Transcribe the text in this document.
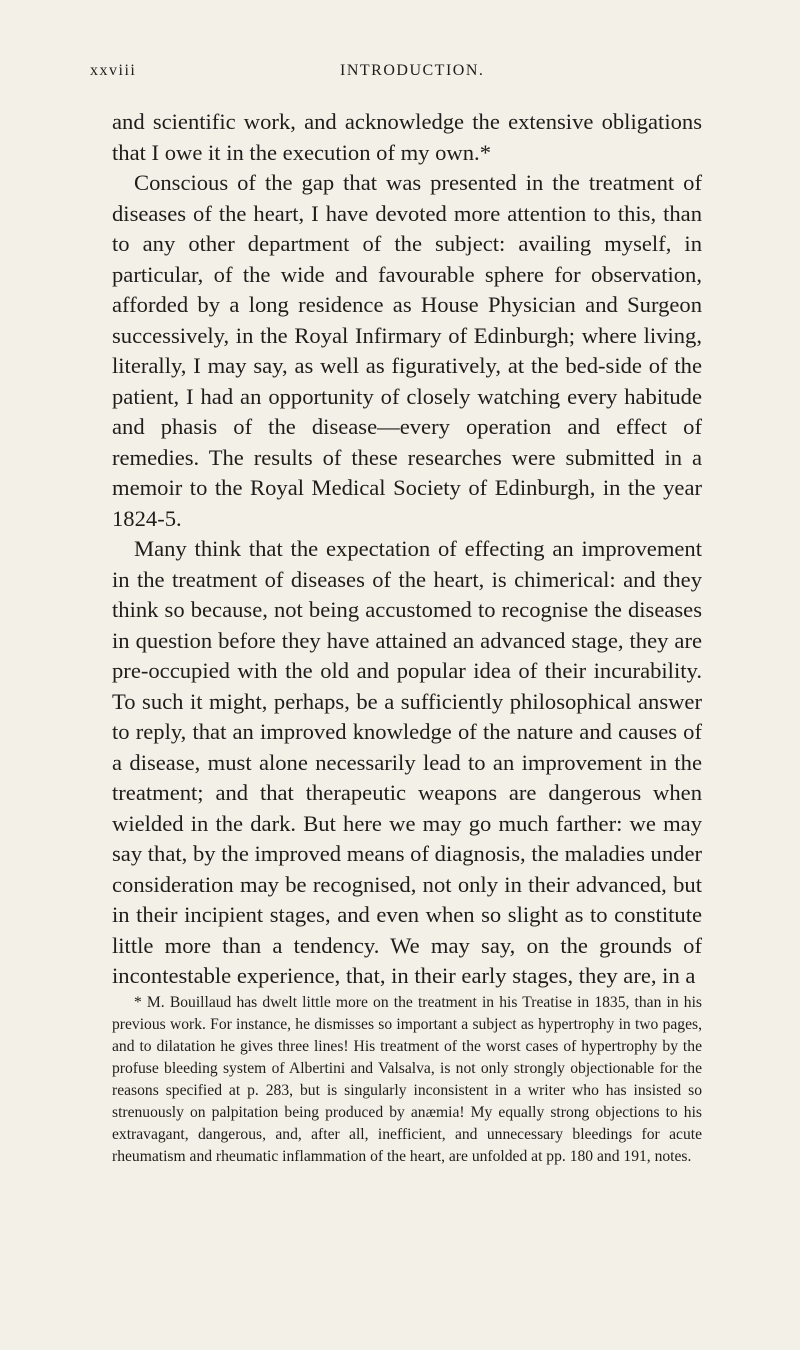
xxviii	INTRODUCTION.

and scientific work, and acknowledge the extensive obligations that I owe it in the execution of my own.*

Conscious of the gap that was presented in the treatment of diseases of the heart, I have devoted more attention to this, than to any other department of the subject: availing myself, in particular, of the wide and favourable sphere for observation, afforded by a long residence as House Physician and Surgeon successively, in the Royal Infirmary of Edinburgh; where living, literally, I may say, as well as figuratively, at the bed-side of the patient, I had an opportunity of closely watching every habitude and phasis of the disease—every operation and effect of remedies. The results of these researches were submitted in a memoir to the Royal Medical Society of Edinburgh, in the year 1824-5.

Many think that the expectation of effecting an improvement in the treatment of diseases of the heart, is chimerical: and they think so because, not being accustomed to recognise the diseases in question before they have attained an advanced stage, they are pre-occupied with the old and popular idea of their incurability. To such it might, perhaps, be a sufficiently philosophical answer to reply, that an improved knowledge of the nature and causes of a disease, must alone necessarily lead to an improvement in the treatment; and that therapeutic weapons are dangerous when wielded in the dark. But here we may go much farther: we may say that, by the improved means of diagnosis, the maladies under consideration may be recognised, not only in their advanced, but in their incipient stages, and even when so slight as to constitute little more than a tendency. We may say, on the grounds of incontestable experience, that, in their early stages, they are, in a

* M. Bouillaud has dwelt little more on the treatment in his Treatise in 1835, than in his previous work. For instance, he dismisses so important a subject as hypertrophy in two pages, and to dilatation he gives three lines! His treatment of the worst cases of hypertrophy by the profuse bleeding system of Albertini and Valsalva, is not only strongly objectionable for the reasons specified at p. 283, but is singularly inconsistent in a writer who has insisted so strenuously on palpitation being produced by anæmia! My equally strong objections to his extravagant, dangerous, and, after all, inefficient, and unnecessary bleedings for acute rheumatism and rheumatic inflammation of the heart, are unfolded at pp. 180 and 191, notes.
